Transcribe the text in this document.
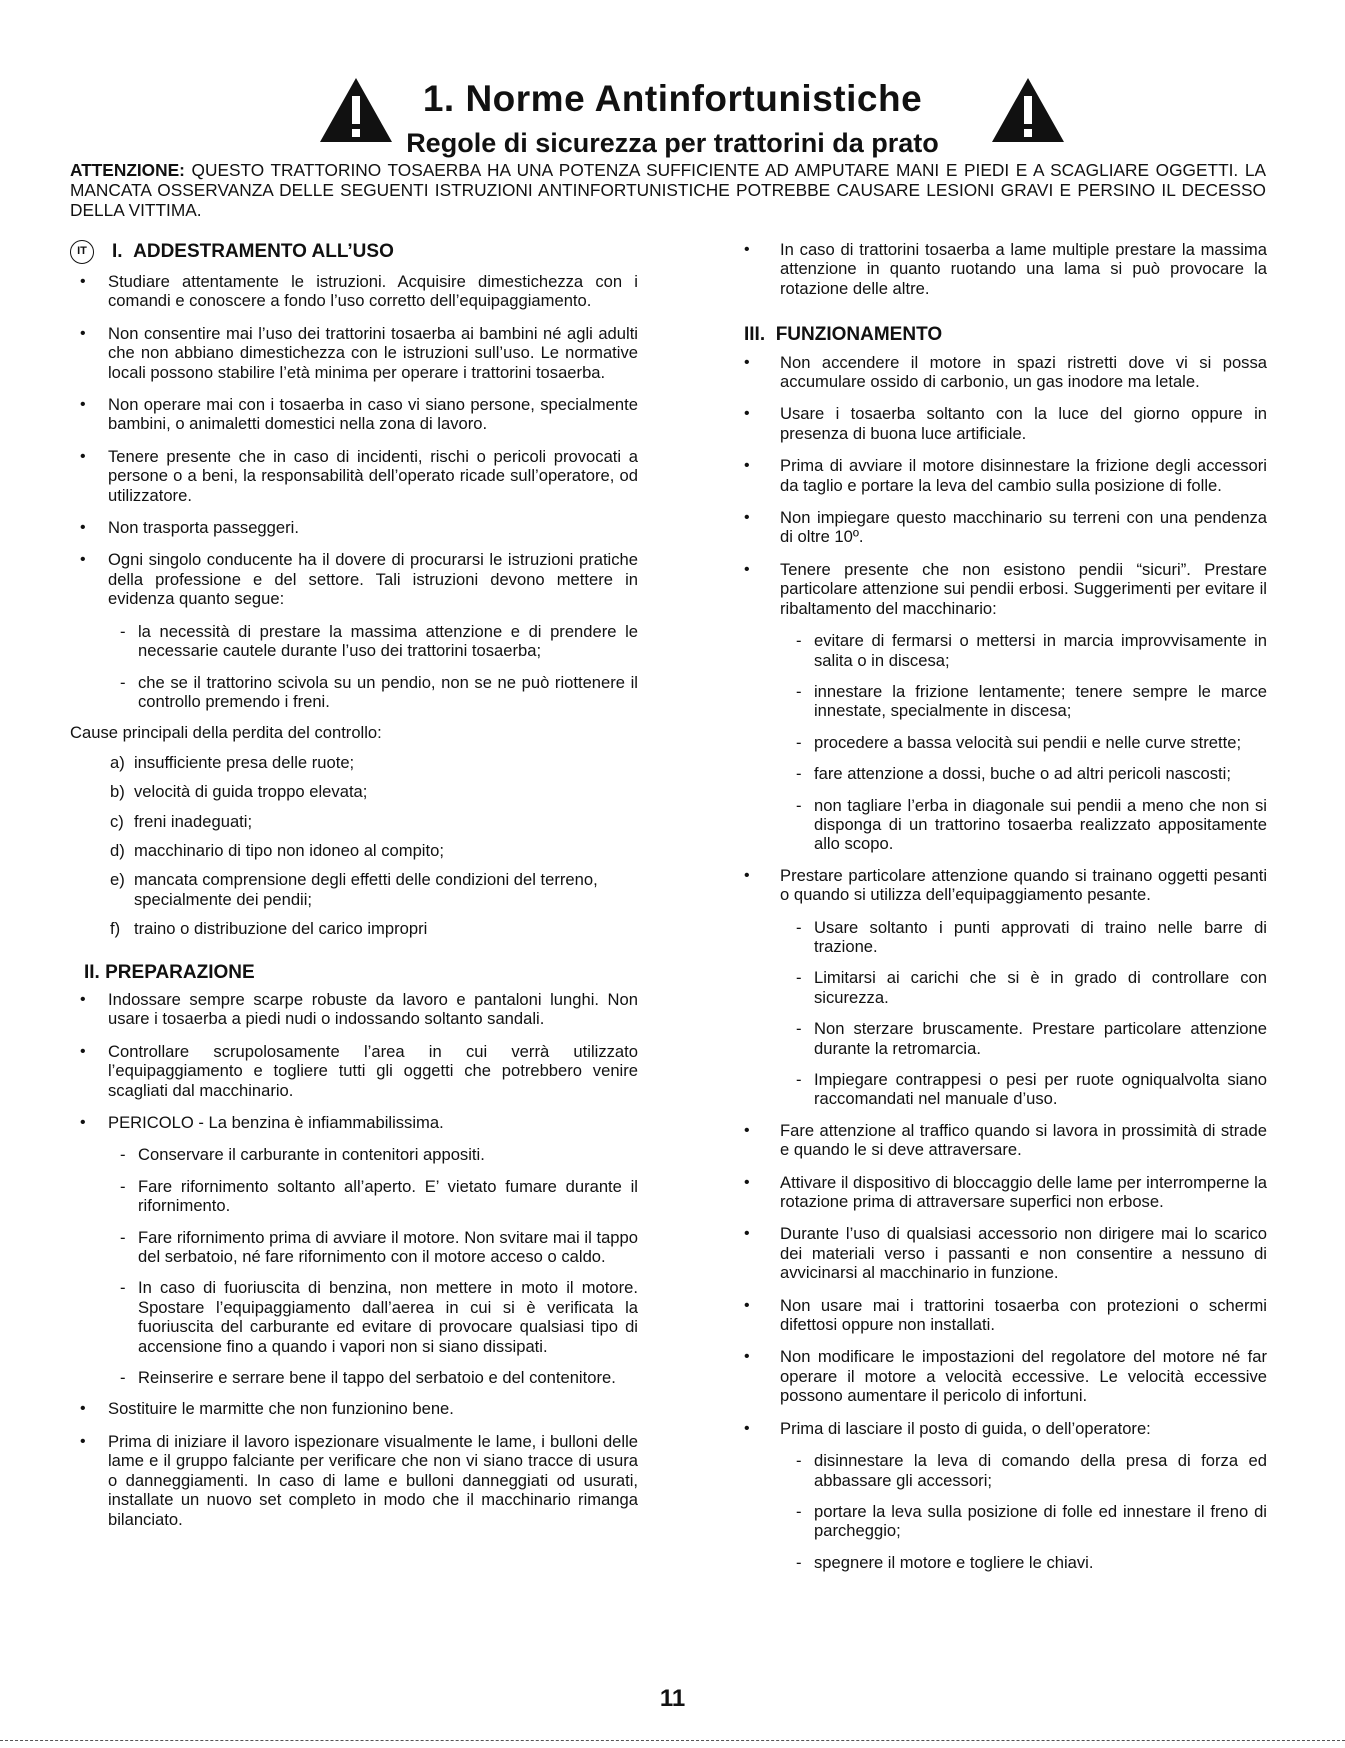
1. Norme Antinfortunistiche
Regole di sicurezza per trattorini da prato
ATTENZIONE: QUESTO TRATTORINO TOSAERBA HA UNA POTENZA SUFFICIENTE AD AMPUTARE MANI E PIEDI E A SCAGLIARE OGGETTI. LA MANCATA OSSERVANZA DELLE SEGUENTI ISTRUZIONI ANTINFORTUNISTICHE POTREBBE CAUSARE LESIONI GRAVI E PERSINO IL DECESSO DELLA VITTIMA.
IT	I.
ADDESTRAMENTO ALL’USO
• Studiare attentamente le istruzioni. Acquisire dimestichezza con i comandi e conoscere a fondo l’uso corretto dell’equipaggiamento.
• Non consentire mai l’uso dei trattorini tosaerba ai bambini né agli adulti che non abbiano dimestichezza con le istruzioni sull’uso. Le normative locali possono stabilire l’età minima per operare i trattorini tosaerba.
• Non operare mai con i tosaerba in caso vi siano persone, specialmente bambini, o animaletti domestici nella zona di lavoro.
• Tenere presente che in caso di incidenti, rischi o pericoli provocati a persone o a beni, la responsabilità dell’operato ricade sull’operatore, od utilizzatore.
• Non trasporta passeggeri.
• Ogni singolo conducente ha il dovere di procurarsi le istruzioni pratiche della professione e del settore. Tali istruzioni devono mettere in evidenza quanto segue:
- la necessità di prestare la massima attenzione e di prendere le necessarie cautele durante l’uso dei trattorini tosaerba;
- che se il trattorino scivola su un pendio, non se ne può riottenere il controllo premendo i freni.
Cause principali della perdita del controllo:
a) insufficiente presa delle ruote;
b) velocità di guida troppo elevata;
c) freni inadeguati;
d) macchinario di tipo non idoneo al compito;
e) mancata comprensione degli effetti delle condizioni del terreno, specialmente dei pendii;
f) traino o distribuzione del carico impropri
II.
PREPARAZIONE
• Indossare sempre scarpe robuste da lavoro e pantaloni lunghi. Non usare i tosaerba a piedi nudi o indossando soltanto sandali.
• Controllare scrupolosamente l’area in cui verrà utilizzato l’equipaggiamento e togliere tutti gli oggetti che potrebbero venire scagliati dal macchinario.
• PERICOLO - La benzina è infiammabilissima.
- Conservare il carburante in contenitori appositi.
- Fare rifornimento soltanto all’aperto. E’ vietato fumare durante il rifornimento.
- Fare rifornimento prima di avviare il motore. Non svitare mai il tappo del serbatoio, né fare rifornimento con il motore acceso o caldo.
- In caso di fuoriuscita di benzina, non mettere in moto il motore. Spostare l’equipaggiamento dall’aerea in cui si è verificata la fuoriuscita del carburante ed evitare di provocare qualsiasi tipo di accensione fino a quando i vapori non si siano dissipati.
- Reinserire e serrare bene il tappo del serbatoio e del contenitore.
• Sostituire le marmitte che non funzionino bene.
• Prima di iniziare il lavoro ispezionare visualmente le lame, i bulloni delle lame e il gruppo falciante per verificare che non vi siano tracce di usura o danneggiamenti. In caso di lame e bulloni danneggiati od usurati, installate un nuovo set completo in modo che il macchinario rimanga bilanciato.
• In caso di trattorini tosaerba a lame multiple prestare la massima attenzione in quanto ruotando una lama si può provocare la rotazione delle altre.
III.
FUNZIONAMENTO
• Non accendere il motore in spazi ristretti dove vi si possa accumulare ossido di carbonio, un gas inodore ma letale.
• Usare i tosaerba soltanto con la luce del giorno oppure in presenza di buona luce artificiale.
• Prima di avviare il motore disinnestare la frizione degli accessori da taglio e portare la leva del cambio sulla posizione di folle.
• Non impiegare questo macchinario su terreni con una pendenza di oltre 10º.
• Tenere presente che non esistono pendii “sicuri”. Prestare particolare attenzione sui pendii erbosi. Suggerimenti per evitare il ribaltamento del macchinario:
- evitare di fermarsi o mettersi in marcia improvvisamente in salita o in discesa;
- innestare la frizione lentamente; tenere sempre le marce innestate, specialmente in discesa;
- procedere a bassa velocità sui pendii e nelle curve strette;
- fare attenzione a dossi, buche o ad altri pericoli nascosti;
- non tagliare l’erba in diagonale sui pendii a meno che non si disponga di un trattorino tosaerba realizzato appositamente allo scopo.
• Prestare particolare attenzione quando si trainano oggetti pesanti o quando si utilizza dell’equipaggiamento pesante.
- Usare soltanto i punti approvati di traino nelle barre di trazione.
- Limitarsi ai carichi che si è in grado di controllare con sicurezza.
- Non sterzare bruscamente. Prestare particolare attenzione durante la retromarcia.
- Impiegare contrappesi o pesi per ruote ogniqualvolta siano raccomandati nel manuale d’uso.
• Fare attenzione al traffico quando si lavora in prossimità di strade e quando le si deve attraversare.
• Attivare il dispositivo di bloccaggio delle lame per interromperne la rotazione prima di attraversare superfici non erbose.
• Durante l’uso di qualsiasi accessorio non dirigere mai lo scarico dei materiali verso i passanti e non consentire a nessuno di avvicinarsi al macchinario in funzione.
• Non usare mai i trattorini tosaerba con protezioni o schermi difettosi oppure non installati.
• Non modificare le impostazioni del regolatore del motore né far operare il motore a velocità eccessive. Le velocità eccessive possono aumentare il pericolo di infortuni.
• Prima di lasciare il posto di guida, o dell’operatore:
- disinnestare la leva di comando della presa di forza ed abbassare gli accessori;
- portare la leva sulla posizione di folle ed innestare il freno di parcheggio;
- spegnere il motore e togliere le chiavi.
11
